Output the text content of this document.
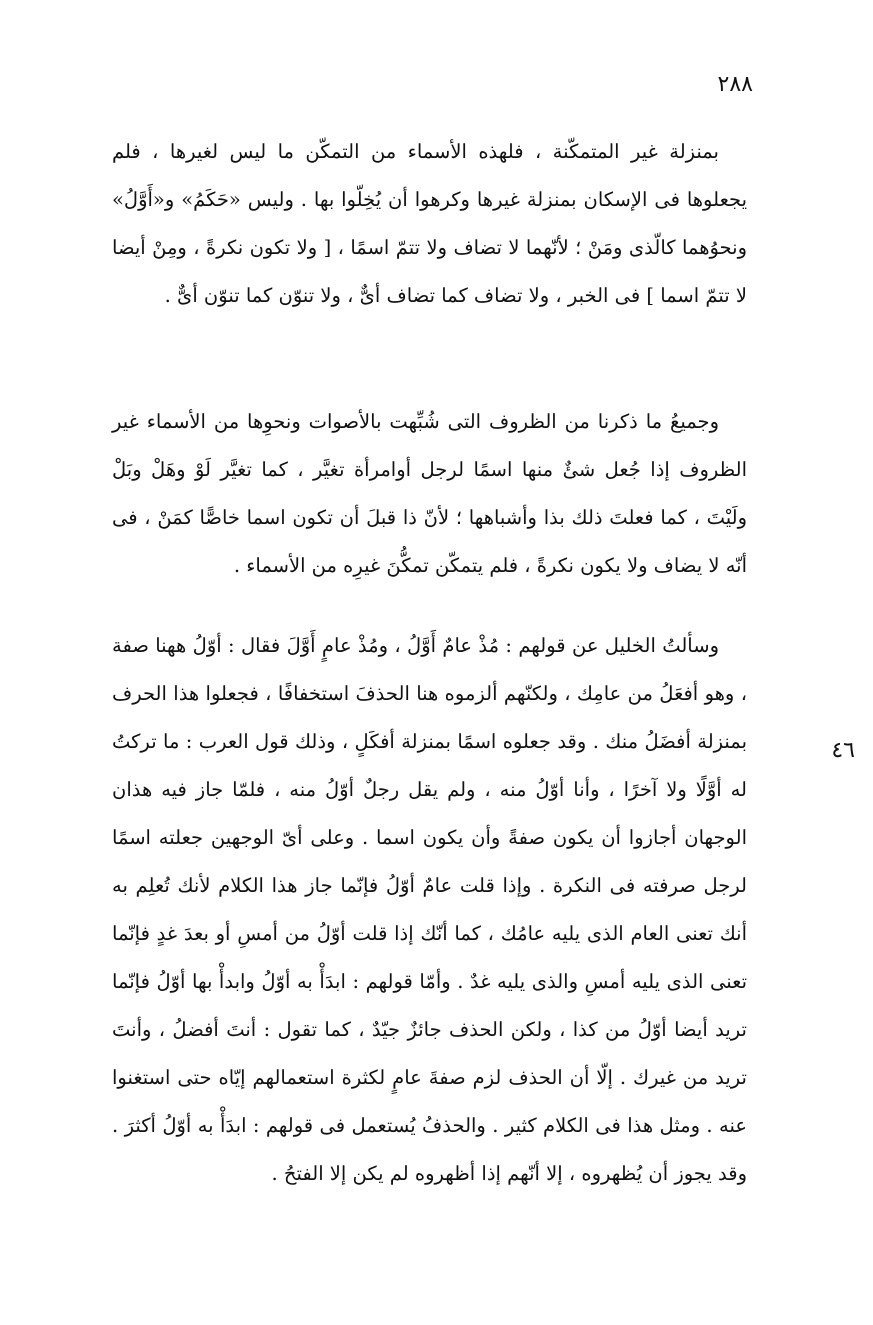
٢٨٨
٤٦

بمنزلة غير المتمكّنة ، فلهذه الأسماء من التمكّن ما ليس لغيرها ، فلم يجعلوها فى الإسكان بمنزلة غيرها وكرهوا أن يُخِلّوا بها . وليس «حَكَمُ» و«أَوَّلُ» ونحوُهما كالّذى ومَنْ ؛ لأنّهما لا تضاف ولا تتمّ اسمًا ، [ ولا تكون نكرةً ، ومِنْ أيضا لا تتمّ اسما ] فى الخبر ، ولا تضاف كما تضاف أىٌّ ، ولا تنوّن كما تنوّن أىٌّ .

وجميعُ ما ذكرنا من الظروف التى شُبِّهت بالأصوات ونحوِها من الأسماء غير الظروف إذا جُعل شئٌ منها اسمًا لرجل أوامرأة تغيَّر ، كما تغيَّر لَوْ وهَلْ وبَلْ ولَيْتَ ، كما فعلتَ ذلك بذا وأشباهها ؛ لأنّ ذا قبلَ أن تكون اسما خاصًّا كمَنْ ، فى أنّه لا يضاف ولا يكون نكرةً ، فلم يتمكّن تمكُّنَ غيرِه من الأسماء .

وسألتُ الخليل عن قولهم : مُذْ عامٌ أَوَّلُ ، ومُذْ عامٍ أَوَّلَ فقال : أوّلُ ههنا صفة ، وهو أفعَلُ من عامِك ، ولكنّهم ألزموه هنا الحذفَ استخفافًا ، فجعلوا هذا الحرف بمنزلة أفضَلُ منك . وقد جعلوه اسمًا بمنزلة أفكَلٍ ، وذلك قول العرب : ما تركتُ له أوَّلًا ولا آخرًا ، وأنا أوّلُ منه ، ولم يقل رجلٌ أوّلُ منه ، فلمّا جاز فيه هذان الوجهان أجازوا أن يكون صفةً وأن يكون اسما . وعلى أىّ الوجهين جعلته اسمًا لرجل صرفته فى النكرة . وإذا قلت عامٌ أوّلُ فإنّما جاز هذا الكلام لأنك تُعلِم به أنك تعنى العام الذى يليه عامُك ، كما أنّك إذا قلت أوّلُ من أمسِ أو بعدَ غدٍ فإنّما تعنى الذى يليه أمسِ والذى يليه غدٌ . وأمّا قولهم : ابدَأْ به أوّلُ وابدأْ بها أوّلُ فإنّما تريد أيضا أوّلُ من كذا ، ولكن الحذف جائزٌ جيّدٌ ، كما تقول : أنتَ أفضلُ ، وأنتَ تريد من غيرك . إلّا أن الحذف لزم صفةَ عامٍ لكثرة استعمالهم إيّاه حتى استغنوا عنه . ومثل هذا فى الكلام كثير . والحذفُ يُستعمل فى قولهم : ابدَأْ به أوّلُ أكثرَ . وقد يجوز أن يُظهروه ، إلا أنّهم إذا أظهروه لم يكن إلا الفتحُ .
